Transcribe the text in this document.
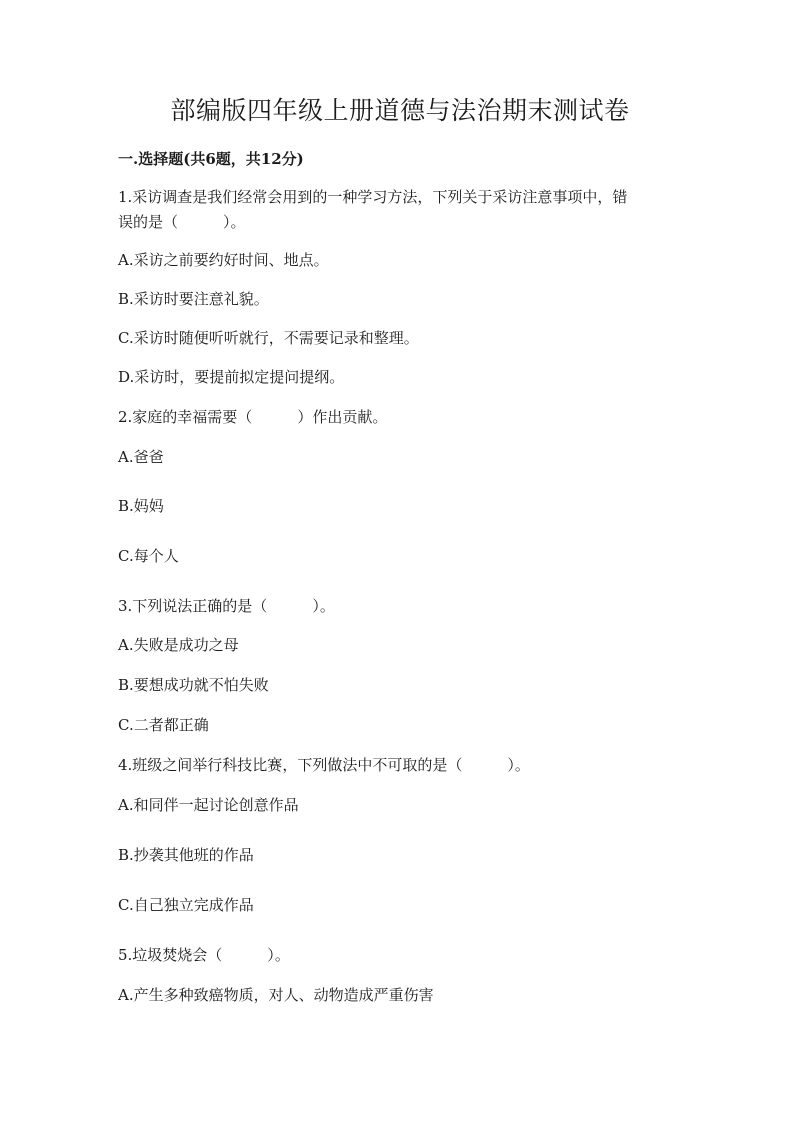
部编版四年级上册道德与法治期末测试卷
一.选择题(共6题，共12分)
1.采访调查是我们经常会用到的一种学习方法，下列关于采访注意事项中，错
误的是（　　　）。
A.采访之前要约好时间、地点。
B.采访时要注意礼貌。
C.采访时随便听听就行，不需要记录和整理。
D.采访时，要提前拟定提问提纲。
2.家庭的幸福需要（　　　）作出贡献。
A.爸爸
B.妈妈
C.每个人
3.下列说法正确的是（　　　）。
A.失败是成功之母
B.要想成功就不怕失败
C.二者都正确
4.班级之间举行科技比赛，下列做法中不可取的是（　　　）。
A.和同伴一起讨论创意作品
B.抄袭其他班的作品
C.自己独立完成作品
5.垃圾焚烧会（　　　）。
A.产生多种致癌物质，对人、动物造成严重伤害
